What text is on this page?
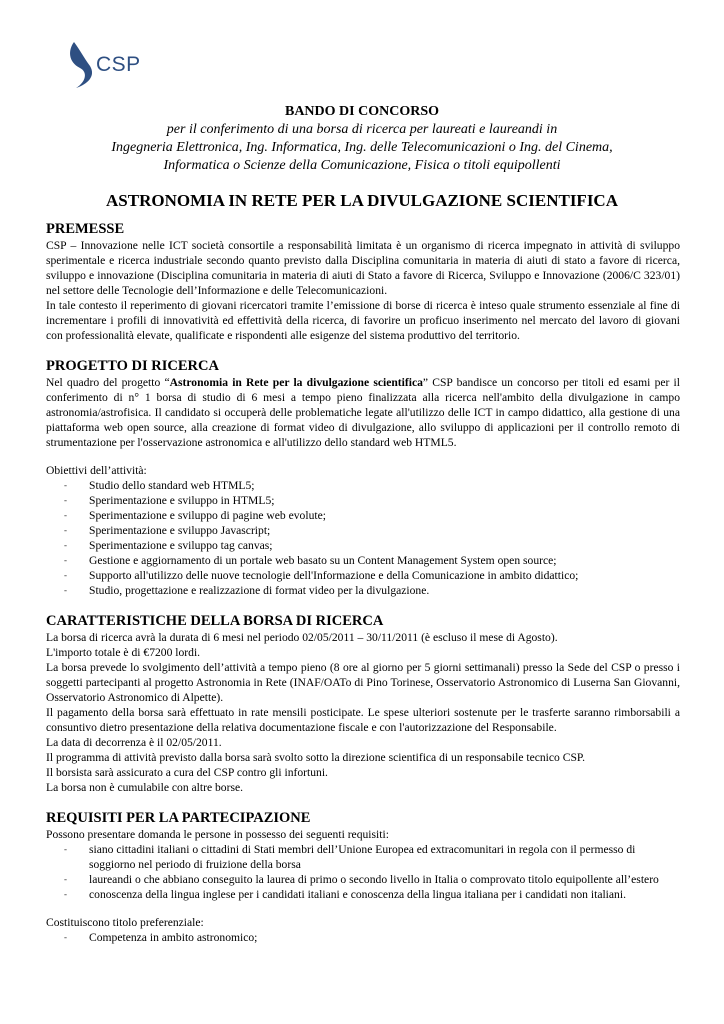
CSP
BANDO DI CONCORSO
per il conferimento di una borsa di ricerca per laureati e laureandi in
Ingegneria Elettronica, Ing. Informatica, Ing. delle Telecomunicazioni o Ing. del Cinema,
Informatica o Scienze della Comunicazione, Fisica o titoli equipollenti
ASTRONOMIA IN RETE PER LA DIVULGAZIONE SCIENTIFICA
PREMESSE

CSP – Innovazione nelle ICT società consortile a responsabilità limitata è un organismo di ricerca impegnato in attività di sviluppo sperimentale e ricerca industriale secondo quanto previsto dalla Disciplina comunitaria in materia di aiuti di stato a favore di ricerca, sviluppo e innovazione (Disciplina comunitaria in materia di aiuti di Stato a favore di Ricerca, Sviluppo e Innovazione (2006/C 323/01) nel settore delle Tecnologie dell’Informazione e delle Telecomunicazioni.

In tale contesto il reperimento di giovani ricercatori tramite l’emissione di borse di ricerca è inteso quale strumento essenziale al fine di incrementare i profili di innovatività ed effettività della ricerca, di favorire un proficuo inserimento nel mercato del lavoro di giovani con professionalità elevate, qualificate e rispondenti alle esigenze del sistema produttivo del territorio.

PROGETTO DI RICERCA

Nel quadro del progetto “Astronomia in Rete per la divulgazione scientifica” CSP bandisce un concorso per titoli ed esami per il conferimento di n° 1 borsa di studio di 6 mesi a tempo pieno finalizzata alla ricerca nell'ambito della divulgazione in campo astronomia/astrofisica. Il candidato si occuperà delle problematiche legate all'utilizzo delle ICT in campo didattico, alla gestione di una piattaforma web open source, alla creazione di format video di divulgazione, allo sviluppo di applicazioni per il controllo remoto di strumentazione per l'osservazione astronomica e all'utilizzo dello standard web HTML5.

Obiettivi dell’attività:

- Studio dello standard web HTML5;
- Sperimentazione e sviluppo in HTML5;
- Sperimentazione e sviluppo di pagine web evolute;
- Sperimentazione e sviluppo Javascript;
- Sperimentazione e sviluppo tag canvas;
- Gestione e aggiornamento di un portale web basato su un Content Management System open source;
- Supporto all'utilizzo delle nuove tecnologie dell'Informazione e della Comunicazione in ambito didattico;
- Studio, progettazione e realizzazione di format video per la divulgazione.
CARATTERISTICHE DELLA BORSA DI RICERCA

La borsa di ricerca avrà la durata di 6 mesi nel periodo 02/05/2011 – 30/11/2011 (è escluso il mese di Agosto).

L'importo totale è di €7200 lordi.

La borsa prevede lo svolgimento dell’attività a tempo pieno (8 ore al giorno per 5 giorni settimanali) presso la Sede del CSP o presso i soggetti partecipanti al progetto Astronomia in Rete (INAF/OATo di Pino Torinese, Osservatorio Astronomico di Luserna San Giovanni, Osservatorio Astronomico di Alpette).

Il pagamento della borsa sarà effettuato in rate mensili posticipate. Le spese ulteriori sostenute per le trasferte saranno rimborsabili a consuntivo dietro presentazione della relativa documentazione fiscale e con l'autorizzazione del Responsabile.

La data di decorrenza è il 02/05/2011.

Il programma di attività previsto dalla borsa sarà svolto sotto la direzione scientifica di un responsabile tecnico CSP.

Il borsista sarà assicurato a cura del CSP contro gli infortuni.

La borsa non è cumulabile con altre borse.

REQUISITI PER LA PARTECIPAZIONE

Possono presentare domanda le persone in possesso dei seguenti requisiti:

- siano cittadini italiani o cittadini di Stati membri dell’Unione Europea ed extracomunitari in regola con il permesso di soggiorno nel periodo di fruizione della borsa
- laureandi o che abbiano conseguito la laurea di primo o secondo livello in Italia o comprovato titolo equipollente all’estero
- conoscenza della lingua inglese per i candidati italiani e conoscenza della lingua italiana per i candidati non italiani.

Costituiscono titolo preferenziale:

- Competenza in ambito astronomico;
